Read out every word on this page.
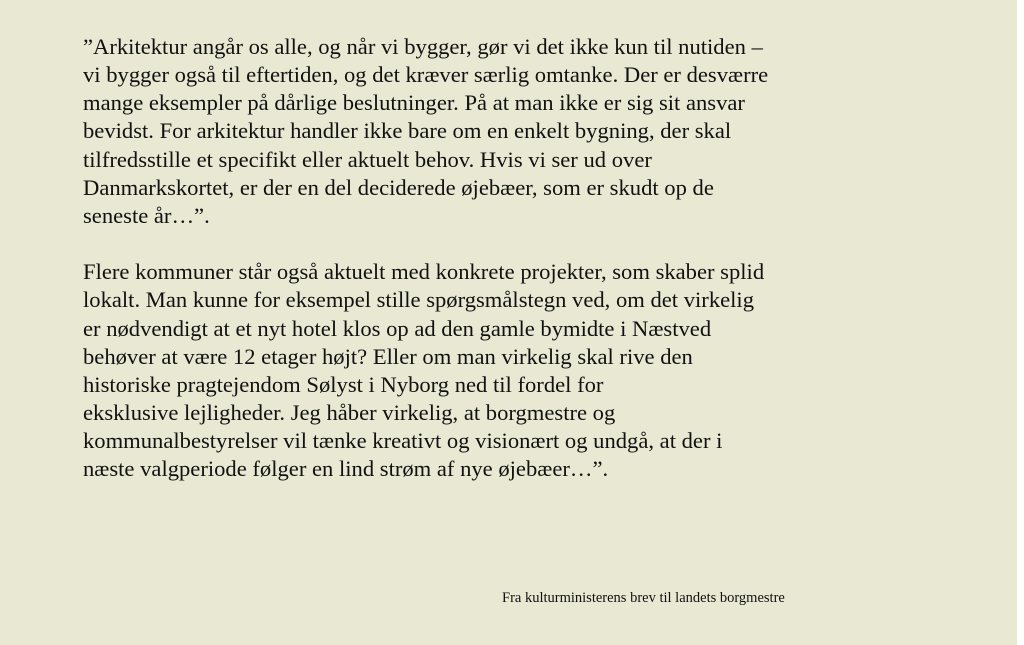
”Arkitektur angår os alle, og når vi bygger, gør vi det ikke kun til nutiden –
vi bygger også til eftertiden, og det kræver særlig omtanke. Der er desværre
mange eksempler på dårlige beslutninger. På at man ikke er sig sit ansvar
bevidst. For arkitektur handler ikke bare om en enkelt bygning, der skal
tilfredsstille et specifikt eller aktuelt behov. Hvis vi ser ud over
Danmarkskortet, er der en del deciderede øjebæer, som er skudt op de
seneste år…”.
Flere kommuner står også aktuelt med konkrete projekter, som skaber splid
lokalt. Man kunne for eksempel stille spørgsmålstegn ved, om det virkelig
er nødvendigt at et nyt hotel klos op ad den gamle bymidte i Næstved
behøver at være 12 etager højt? Eller om man virkelig skal rive den
historiske pragtejendom Sølyst i Nyborg ned til fordel for
eksklusive lejligheder. Jeg håber virkelig, at borgmestre og
kommunalbestyrelser vil tænke kreativt og visionært og undgå, at der i
næste valgperiode følger en lind strøm af nye øjebæer…”.
Fra kulturministerens brev til landets borgmestre
